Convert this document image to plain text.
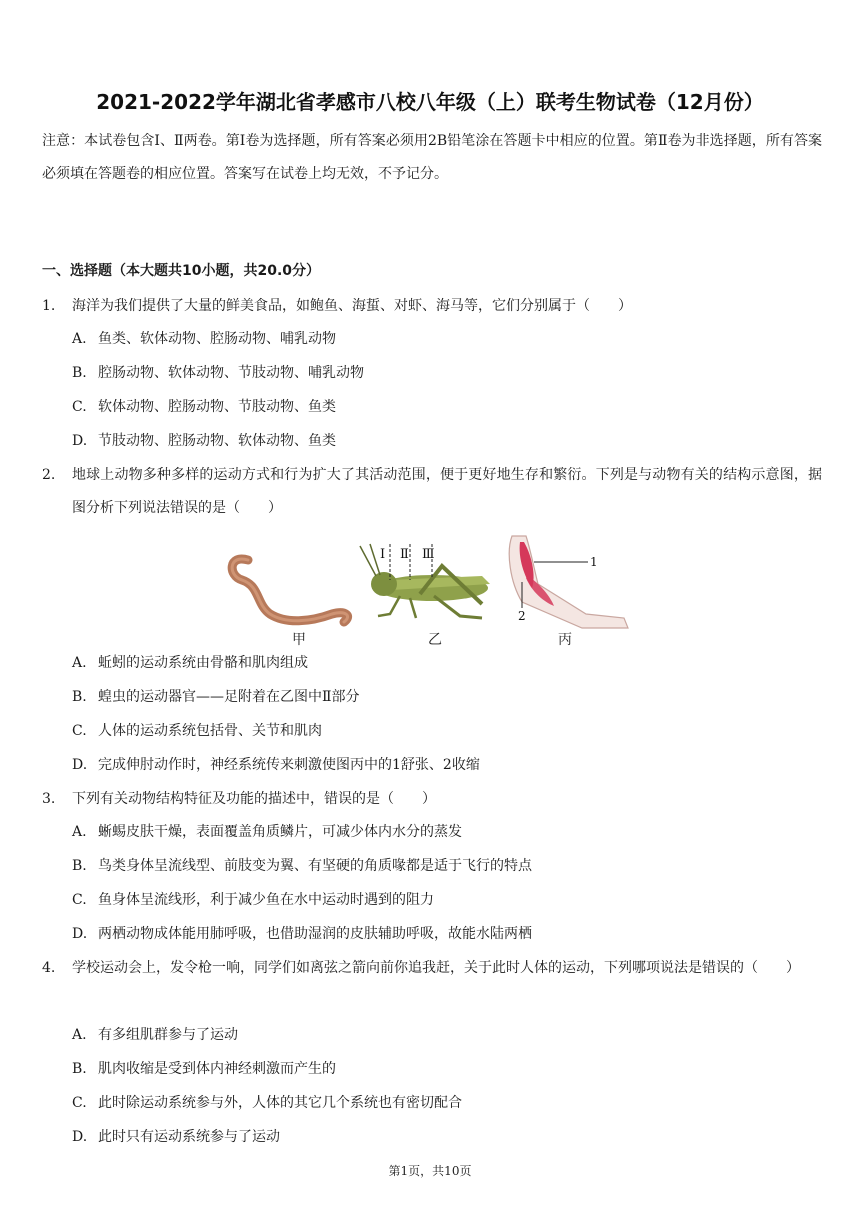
2021-2022学年湖北省孝感市八校八年级（上）联考生物试卷（12月份）
注意：本试卷包含Ⅰ、Ⅱ两卷。第Ⅰ卷为选择题，所有答案必须用2B铅笔涂在答题卡中相应的位置。第Ⅱ卷为非选择题，所有答案必须填在答题卷的相应位置。答案写在试卷上均无效，不予记分。
一、选择题（本大题共10小题，共20.0分）
1.	海洋为我们提供了大量的鲜美食品，如鲍鱼、海蜇、对虾、海马等，它们分别属于（　　）
A. 鱼类、软体动物、腔肠动物、哺乳动物
B. 腔肠动物、软体动物、节肢动物、哺乳动物
C. 软体动物、腔肠动物、节肢动物、鱼类
D. 节肢动物、腔肠动物、软体动物、鱼类
2.	地球上动物多种多样的运动方式和行为扩大了其活动范围，便于更好地生存和繁衍。下列是与动物有关的结构示意图，据图分析下列说法错误的是（　　）
甲
Ⅰ Ⅱ Ⅲ
乙
1
2
丙
A. 蚯蚓的运动系统由骨骼和肌肉组成
B. 蝗虫的运动器官——足附着在乙图中Ⅱ部分
C. 人体的运动系统包括骨、关节和肌肉
D. 完成伸肘动作时，神经系统传来刺激使图丙中的1舒张、2收缩
3.	下列有关动物结构特征及功能的描述中，错误的是（　　）
A. 蜥蜴皮肤干燥，表面覆盖角质鳞片，可减少体内水分的蒸发
B. 鸟类身体呈流线型、前肢变为翼、有坚硬的角质喙都是适于飞行的特点
C. 鱼身体呈流线形，利于减少鱼在水中运动时遇到的阻力
D. 两栖动物成体能用肺呼吸，也借助湿润的皮肤辅助呼吸，故能水陆两栖
4.	学校运动会上，发令枪一响，同学们如离弦之箭向前你追我赶，关于此时人体的运动，下列哪项说法是错误的（　　）
A. 有多组肌群参与了运动
B. 肌肉收缩是受到体内神经刺激而产生的
C. 此时除运动系统参与外，人体的其它几个系统也有密切配合
D. 此时只有运动系统参与了运动
第1页，共10页
